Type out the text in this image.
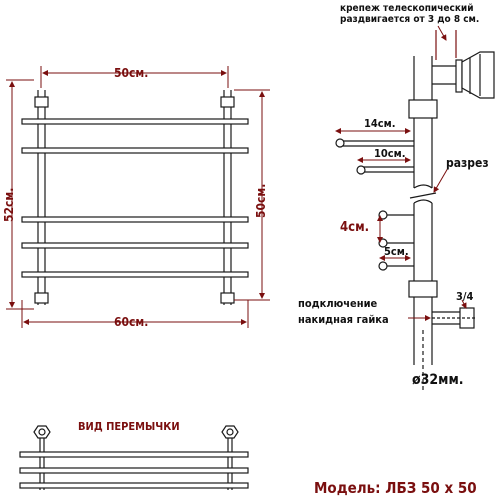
50см.
60см.
52см.	50см.
крепеж телескопический
раздвигается от 3 до 8 см.
14см.
10см.
разрез
4см.
5см.
подключение
накидная гайка
3/4
ø32мм.
ВИД ПЕРЕМЫЧКИ
Модель: ЛБЗ 50 х 50
